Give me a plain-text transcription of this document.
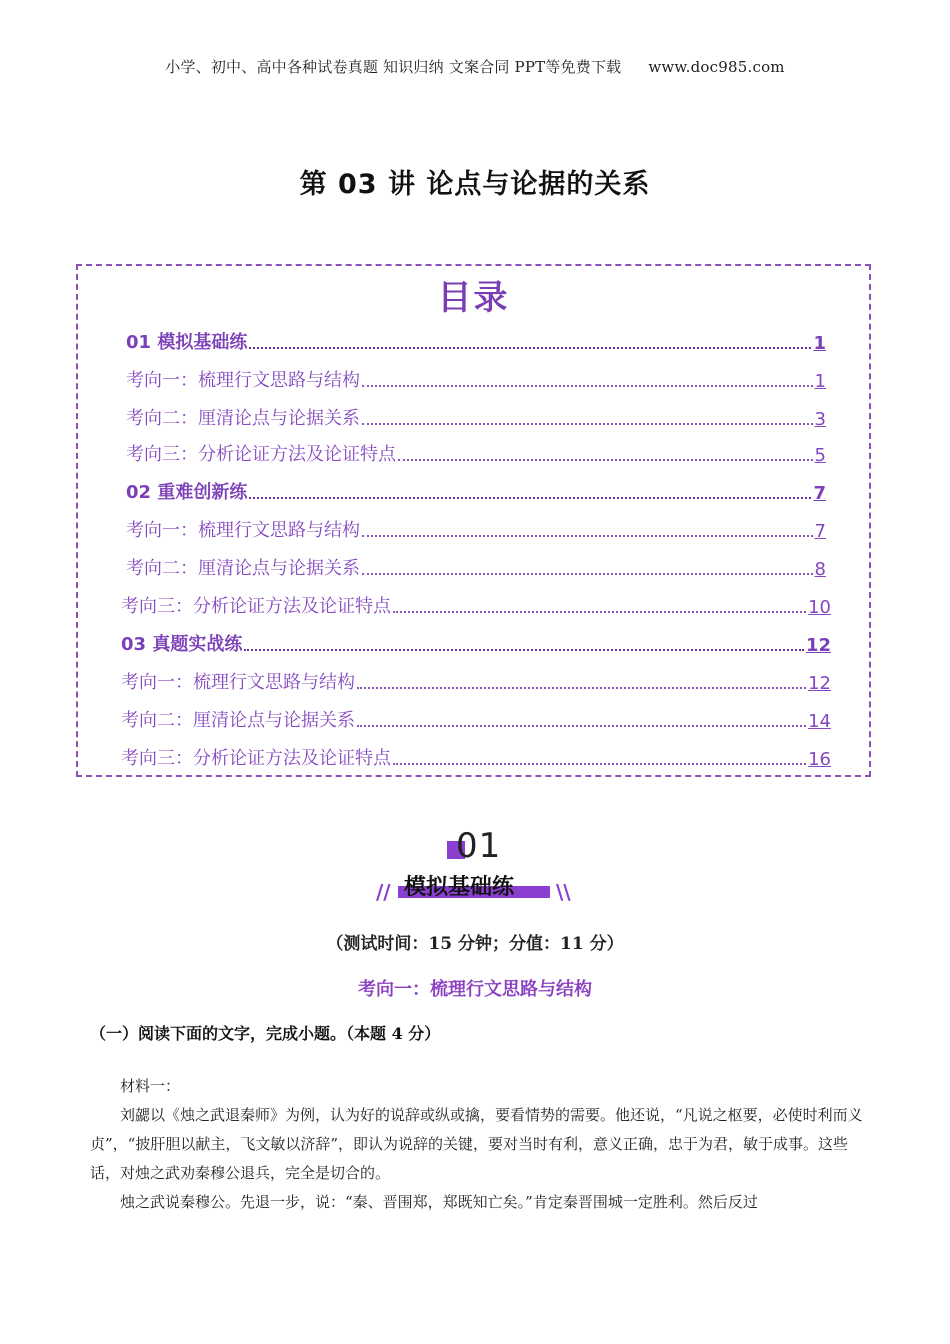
小学、初中、高中各种试卷真题 知识归纳 文案合同 PPT等免费下载 www.doc985.com
第 03 讲 论点与论据的关系
目录
01 模拟基础练	1
考向一：梳理行文思路与结构	1
考向二：厘清论点与论据关系	3
考向三：分析论证方法及论证特点	5
02 重难创新练	7
考向一：梳理行文思路与结构	7
考向二：厘清论点与论据关系	8
考向三：分析论证方法及论证特点	10
03 真题实战练	12
考向一：梳理行文思路与结构	12
考向二：厘清论点与论据关系	14
考向三：分析论证方法及论证特点	16
01
模拟基础练
//	\\
（测试时间：15 分钟；分值：11 分）
考向一：梳理行文思路与结构
（一）阅读下面的文字，完成小题。（本题 4 分）

材料一：

刘勰以《烛之武退秦师》为例，认为好的说辞或纵或擒，要看情势的需要。他还说，“凡说之枢要，必使时利而义贞”，“披肝胆以献主，飞文敏以济辞”，即认为说辞的关键，要对当时有利，意义正确，忠于为君，敏于成事。这些话，对烛之武劝秦穆公退兵，完全是切合的。

烛之武说秦穆公。先退一步，说：“秦、晋围郑，郑既知亡矣。”肯定秦晋围城一定胜利。然后反过
